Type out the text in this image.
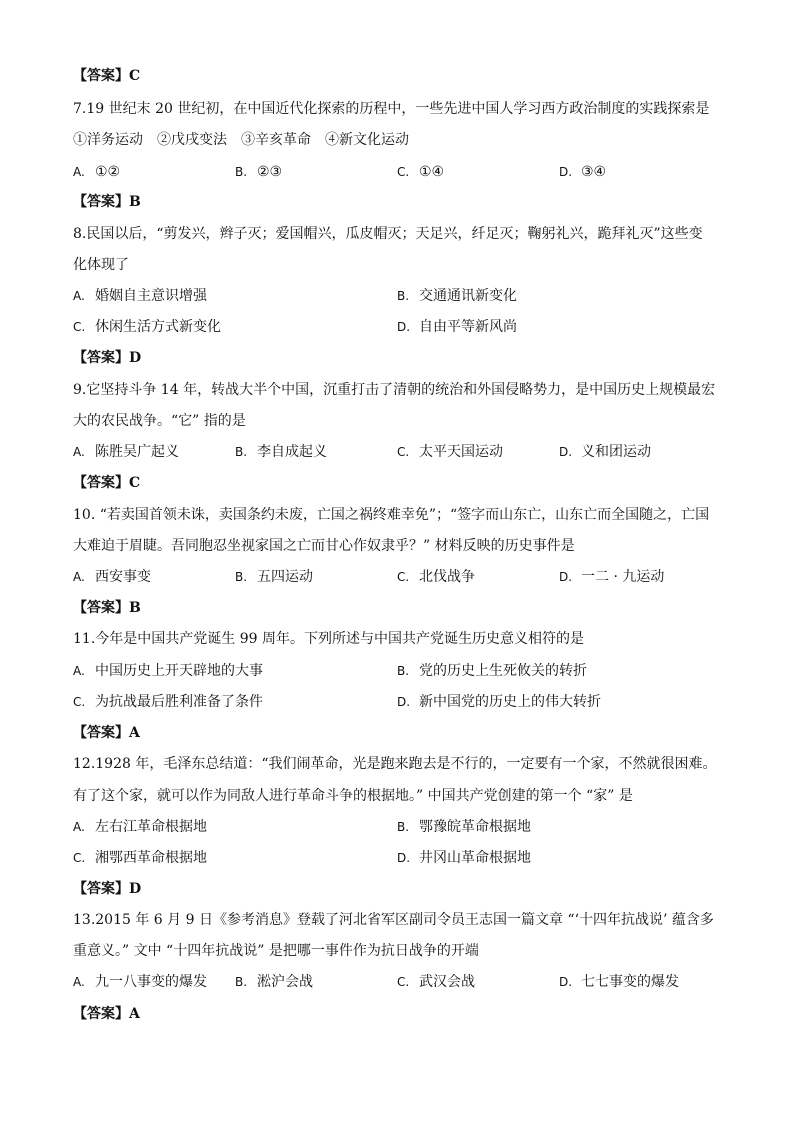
【答案】C
7.19 世纪末 20 世纪初，在中国近代化探索的历程中，一些先进中国人学习西方政治制度的实践探索是
①洋务运动　②戊戌变法　③辛亥革命　④新文化运动
A. ①②	B. ②③	C. ①④	D. ③④
【答案】B
8.民国以后，“剪发兴，辫子灭；爱国帽兴，瓜皮帽灭；天足兴，纤足灭；鞠躬礼兴，跪拜礼灭”这些变
化体现了
A. 婚姻自主意识增强	B. 交通通讯新变化
C. 休闲生活方式新变化	D. 自由平等新风尚
【答案】D
9.它坚持斗争 14 年，转战大半个中国，沉重打击了清朝的统治和外国侵略势力，是中国历史上规模最宏
大的农民战争。“它” 指的是
A. 陈胜吴广起义	B. 李自成起义	C. 太平天国运动	D. 义和团运动
【答案】C
10. “若卖国首领未诛，卖国条约未废，亡国之祸终难幸免”；“签字而山东亡，山东亡而全国随之，亡国
大难迫于眉睫。吾同胞忍坐视家国之亡而甘心作奴隶乎？” 材料反映的历史事件是
A. 西安事变	B. 五四运动	C. 北伐战争	D. 一二 · 九运动
【答案】B
11.今年是中国共产党诞生 99 周年。下列所述与中国共产党诞生历史意义相符的是
A. 中国历史上开天辟地的大事	B. 党的历史上生死攸关的转折
C. 为抗战最后胜利准备了条件	D. 新中国党的历史上的伟大转折
【答案】A
12.1928 年，毛泽东总结道：“我们闹革命，光是跑来跑去是不行的，一定要有一个家，不然就很困难。
有了这个家，就可以作为同敌人进行革命斗争的根据地。” 中国共产党创建的第一个 “家” 是
A. 左右江革命根据地	B. 鄂豫皖革命根据地
C. 湘鄂西革命根据地	D. 井冈山革命根据地
【答案】D
13.2015 年 6 月 9 日《参考消息》登载了河北省军区副司令员王志国一篇文章 “‘十四年抗战说’ 蕴含多
重意义。” 文中 “十四年抗战说” 是把哪一事件作为抗日战争的开端
A. 九一八事变的爆发 B. 淞沪会战	C. 武汉会战	D. 七七事变的爆发
【答案】A
